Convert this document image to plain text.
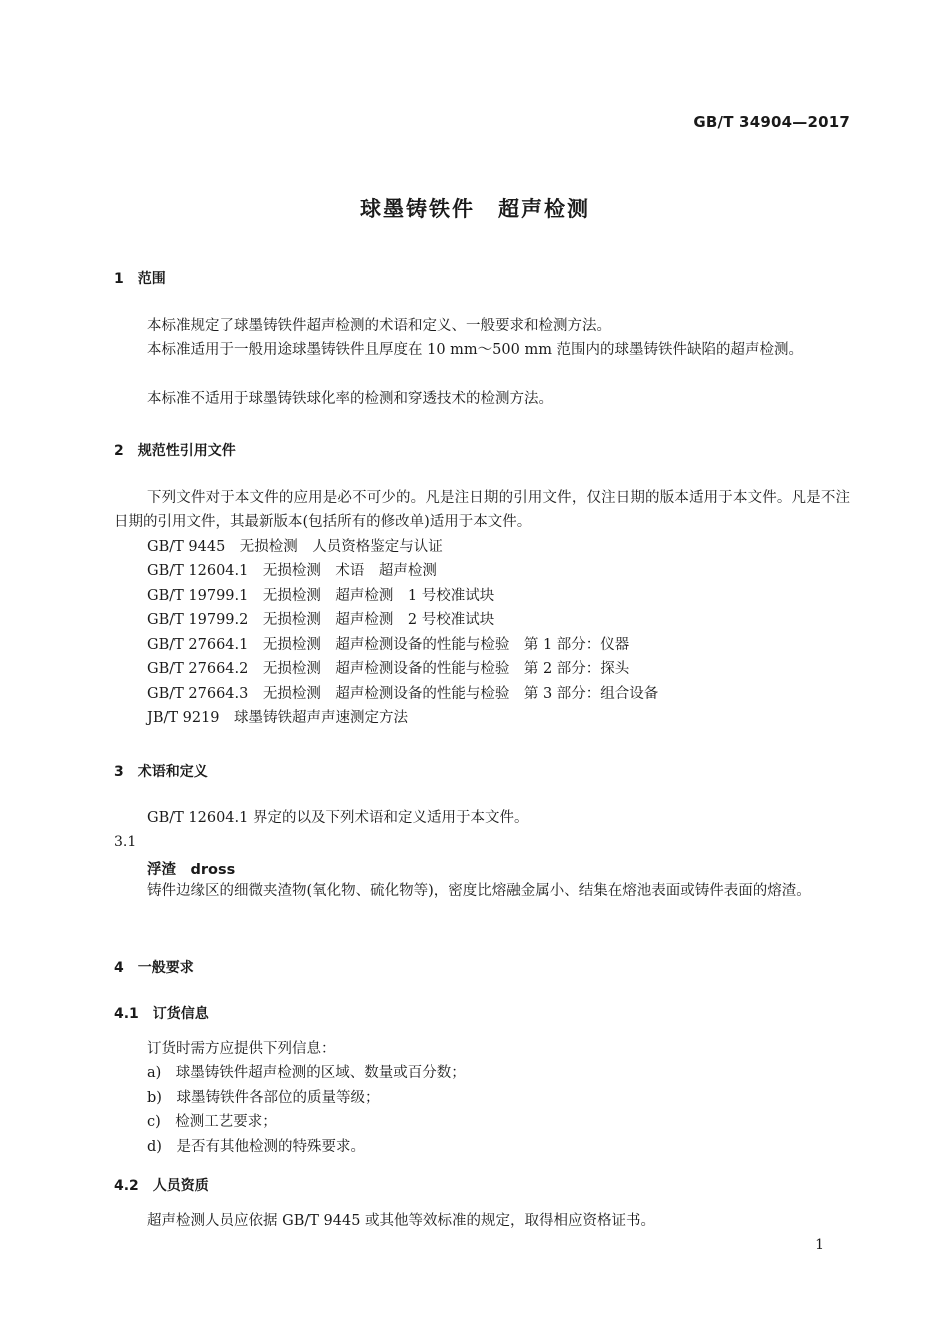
GB/T 34904—2017
球墨铸铁件　超声检测
1　范围
本标准规定了球墨铸铁件超声检测的术语和定义、一般要求和检测方法。
本标准适用于一般用途球墨铸铁件且厚度在 10 mm～500 mm 范围内的球墨铸铁件缺陷的超声检测。
本标准不适用于球墨铸铁球化率的检测和穿透技术的检测方法。
2　规范性引用文件
下列文件对于本文件的应用是必不可少的。凡是注日期的引用文件，仅注日期的版本适用于本文件。凡是不注日期的引用文件，其最新版本(包括所有的修改单)适用于本文件。
GB/T 9445　无损检测　人员资格鉴定与认证
GB/T 12604.1　无损检测　术语　超声检测
GB/T 19799.1　无损检测　超声检测　1 号校准试块
GB/T 19799.2　无损检测　超声检测　2 号校准试块
GB/T 27664.1　无损检测　超声检测设备的性能与检验　第 1 部分：仪器
GB/T 27664.2　无损检测　超声检测设备的性能与检验　第 2 部分：探头
GB/T 27664.3　无损检测　超声检测设备的性能与检验　第 3 部分：组合设备
JB/T 9219　球墨铸铁超声声速测定方法
3　术语和定义
GB/T 12604.1 界定的以及下列术语和定义适用于本文件。
3.1
浮渣　dross
铸件边缘区的细微夹渣物(氧化物、硫化物等)，密度比熔融金属小、结集在熔池表面或铸件表面的熔渣。
4　一般要求
4.1　订货信息
订货时需方应提供下列信息：
a)　球墨铸铁件超声检测的区域、数量或百分数；
b)　球墨铸铁件各部位的质量等级；
c)　检测工艺要求；
d)　是否有其他检测的特殊要求。
4.2　人员资质
超声检测人员应依据 GB/T 9445 或其他等效标准的规定，取得相应资格证书。
1
